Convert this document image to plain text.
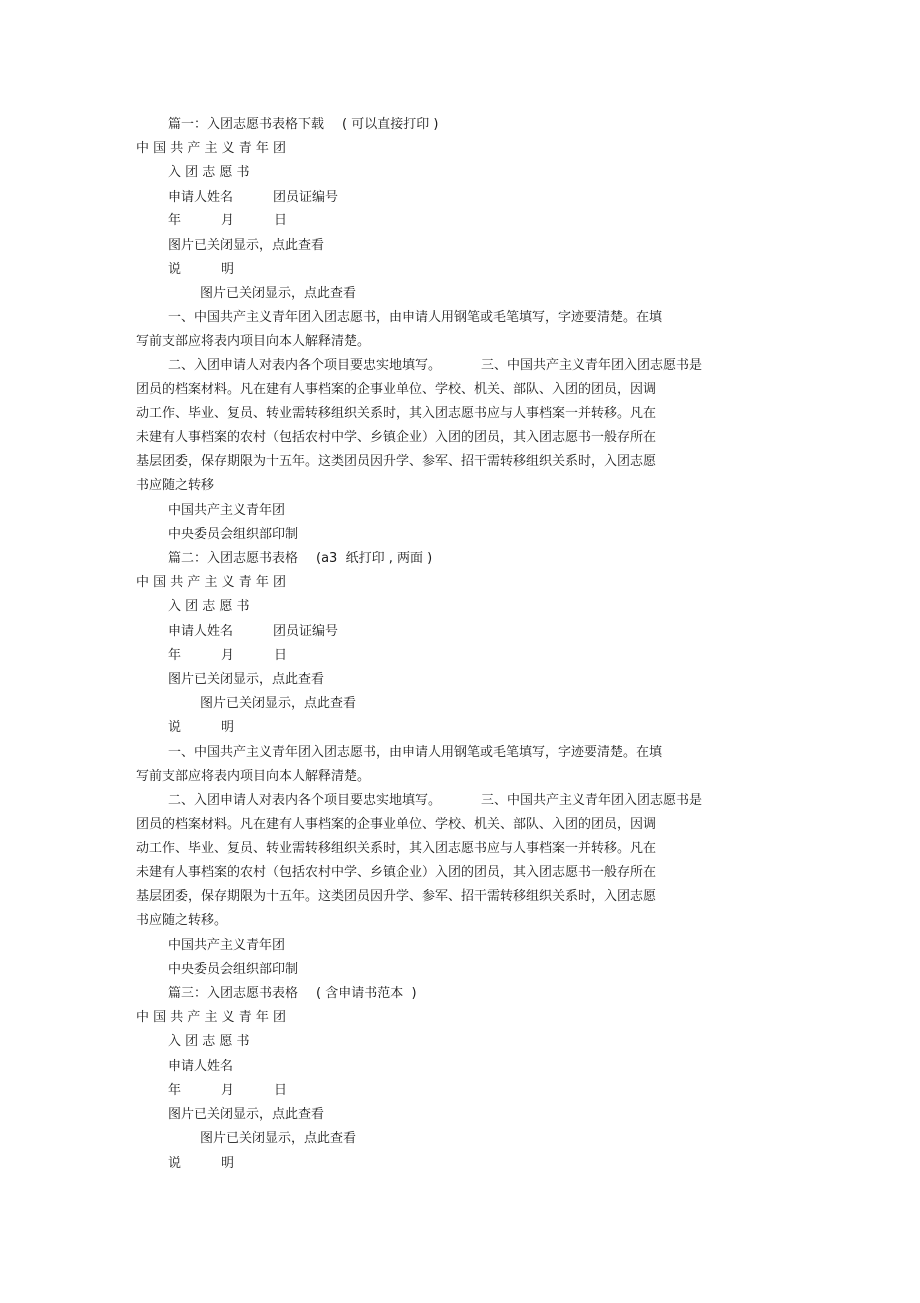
篇一：入团志愿书表格下载 ( 可以直接打印 )
中 国 共 产 主 义 青 年 团
入 团 志 愿 书
申请人姓名	团员证编号
年	月	日
图片已关闭显示，点此查看
说	明
图片已关闭显示，点此查看
一、中国共产主义青年团入团志愿书，由申请人用钢笔或毛笔填写，字迹要清楚。在填
写前支部应将表内项目向本人解释清楚。
二、入团申请人对表内各个项目要忠实地填写。	三、中国共产主义青年团入团志愿书是
团员的档案材料。凡在建有人事档案的企事业单位、学校、机关、部队、入团的团员，因调
动工作、毕业、复员、转业需转移组织关系时，其入团志愿书应与人事档案一并转移。凡在
未建有人事档案的农村（包括农村中学、乡镇企业）入团的团员，其入团志愿书一般存所在
基层团委，保存期限为十五年。这类团员因升学、参军、招干需转移组织关系时，入团志愿
书应随之转移
中国共产主义青年团
中央委员会组织部印制
篇二：入团志愿书表格 (a3  纸打印 , 两面 )
中 国 共 产 主 义 青 年 团
入 团 志 愿 书
申请人姓名	团员证编号
年	月	日
图片已关闭显示，点此查看
图片已关闭显示，点此查看
说	明
一、中国共产主义青年团入团志愿书，由申请人用钢笔或毛笔填写，字迹要清楚。在填
写前支部应将表内项目向本人解释清楚。
二、入团申请人对表内各个项目要忠实地填写。	三、中国共产主义青年团入团志愿书是
团员的档案材料。凡在建有人事档案的企事业单位、学校、机关、部队、入团的团员，因调
动工作、毕业、复员、转业需转移组织关系时，其入团志愿书应与人事档案一并转移。凡在
未建有人事档案的农村（包括农村中学、乡镇企业）入团的团员，其入团志愿书一般存所在
基层团委，保存期限为十五年。这类团员因升学、参军、招干需转移组织关系时，入团志愿
书应随之转移。
中国共产主义青年团
中央委员会组织部印制
篇三：入团志愿书表格 ( 含申请书范本  )
中 国 共 产 主 义 青 年 团
入 团 志 愿 书
申请人姓名
年	月	日
图片已关闭显示，点此查看
图片已关闭显示，点此查看
说	明
